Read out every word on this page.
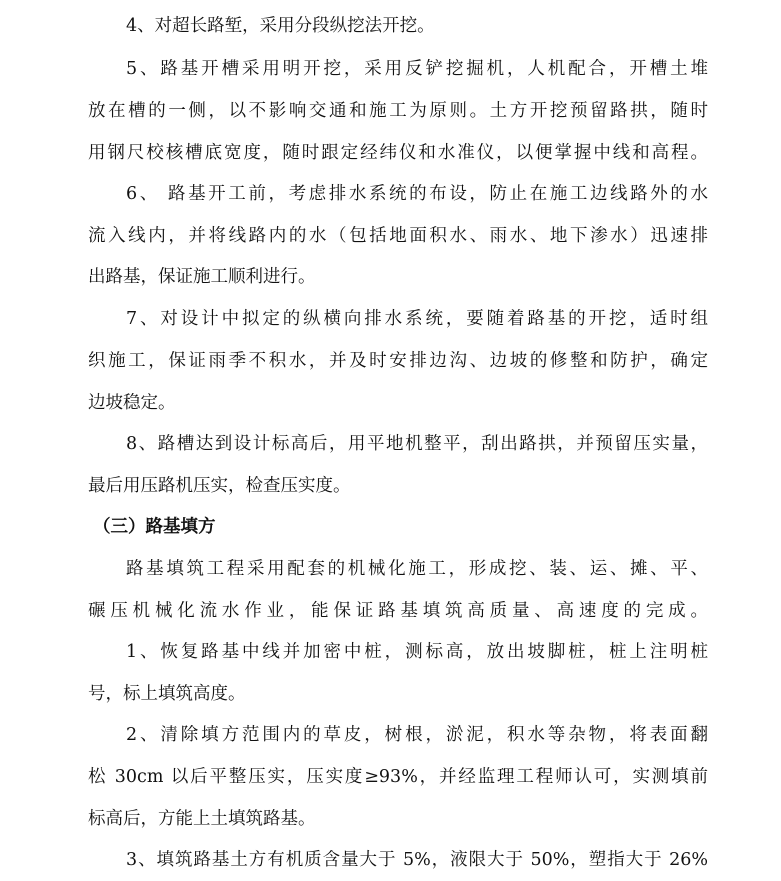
4、对超长路堑，采用分段纵挖法开挖。
5、路基开槽采用明开挖，采用反铲挖掘机，人机配合，开槽土堆
放在槽的一侧，以不影响交通和施工为原则。土方开挖预留路拱，随时
用钢尺校核槽底宽度，随时跟定经纬仪和水准仪，以便掌握中线和高程。
6、 路基开工前，考虑排水系统的布设，防止在施工边线路外的水
流入线内，并将线路内的水（包括地面积水、雨水、地下渗水）迅速排
出路基，保证施工顺利进行。
7、对设计中拟定的纵横向排水系统，要随着路基的开挖，适时组
织施工，保证雨季不积水，并及时安排边沟、边坡的修整和防护，确定
边坡稳定。
8、路槽达到设计标高后，用平地机整平，刮出路拱，并预留压实量，
最后用压路机压实，检查压实度。
（三）路基填方
路基填筑工程采用配套的机械化施工，形成挖、装、运、摊、平、
碾压机械化流水作业，能保证路基填筑高质量、高速度的完成。
1、恢复路基中线并加密中桩，测标高，放出坡脚桩，桩上注明桩
号，标上填筑高度。
2、清除填方范围内的草皮，树根，淤泥，积水等杂物，将表面翻
松 30cm 以后平整压实，压实度≥93%，并经监理工程师认可，实测填前
标高后，方能上土填筑路基。
3、填筑路基土方有机质含量大于 5%，液限大于 50%，塑指大于 26%
